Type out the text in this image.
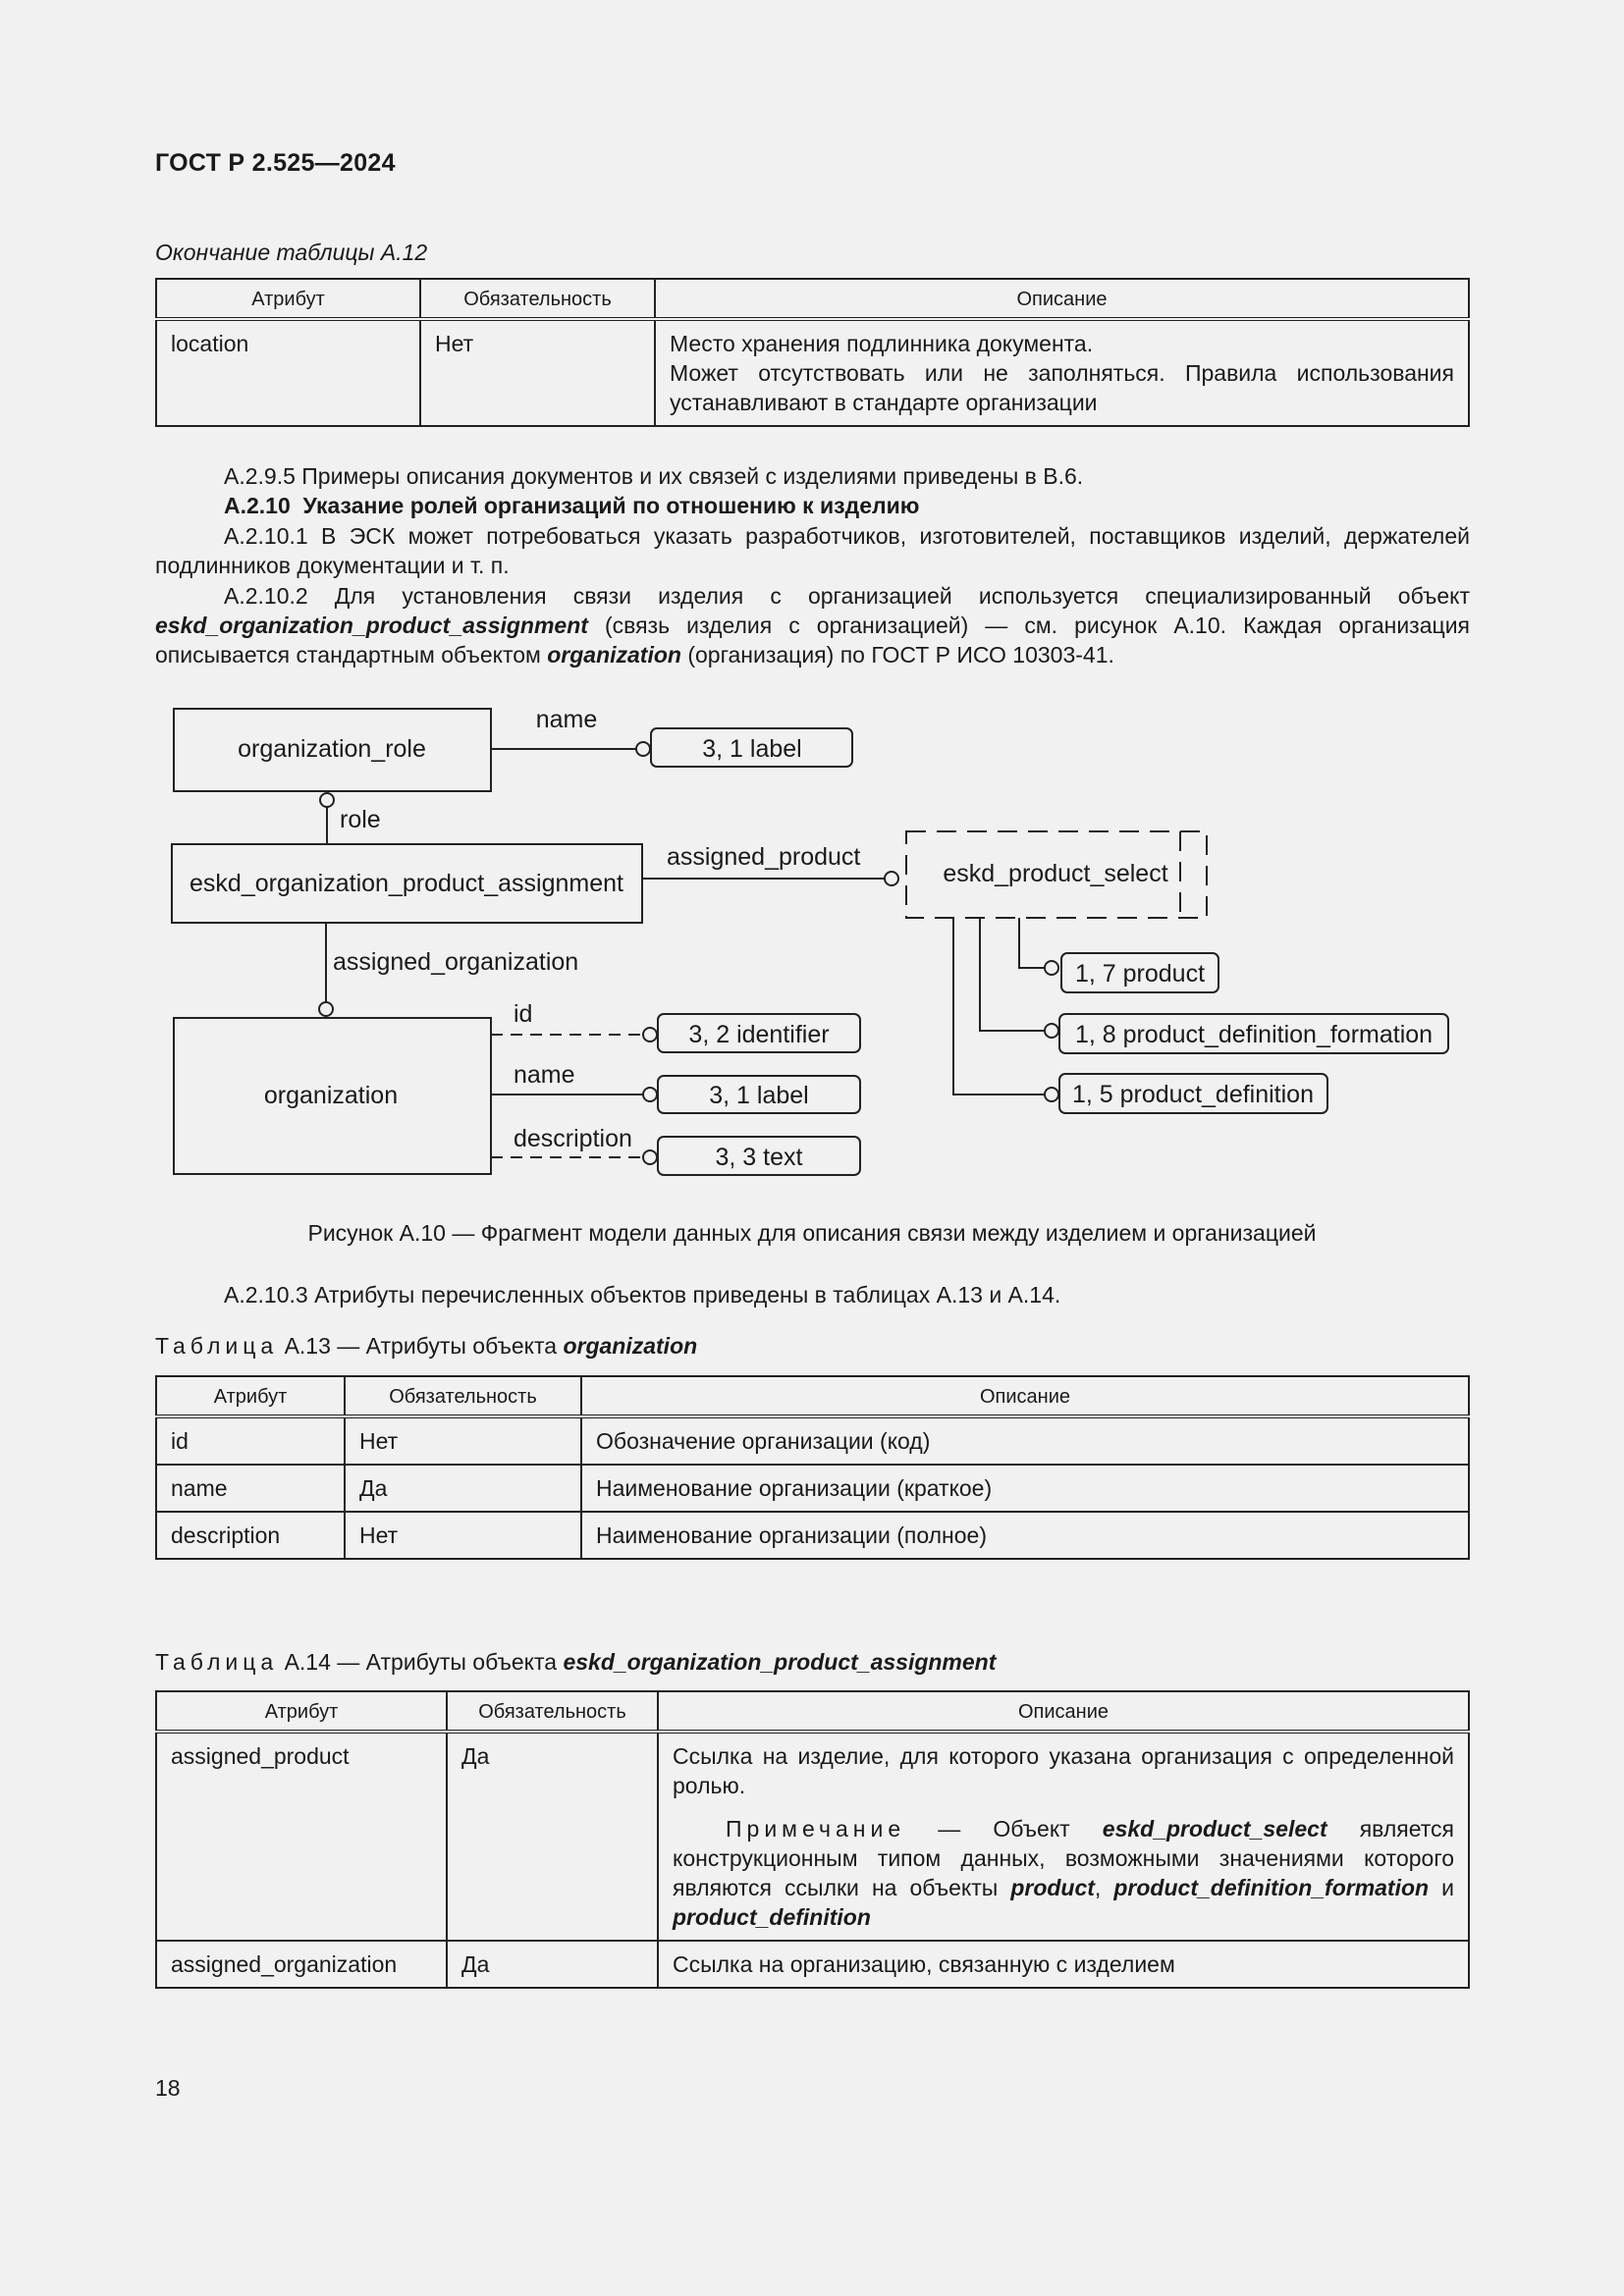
ГОСТ Р 2.525—2024
Окончание таблицы А.12
Атрибут	Обязательность	Описание
location	Нет	Место хранения подлинника документа.
Может отсутствовать или не заполняться. Правила использования устанавливают в стандарте организации
А.2.9.5 Примеры описания документов и их связей с изделиями приведены в В.6.
А.2.10 Указание ролей организаций по отношению к изделию
А.2.10.1 В ЭСК может потребоваться указать разработчиков, изготовителей, поставщиков изделий, держателей подлинников документации и т. п.
А.2.10.2 Для установления связи изделия с организацией используется специализированный объект eskd_organization_product_assignment (связь изделия с организацией) — см. рисунок А.10. Каждая организация описывается стандартным объектом organization (организация) по ГОСТ Р ИСО 10303-41.
organization_role
eskd_organization_product_assignment
organization
eskd_product_select
name
role
assigned_product
assigned_organization
id
name
description
3, 1 label
3, 2 identifier
3, 1 label
3, 3 text
1, 7 product
1, 8 product_definition_formation
1, 5 product_definition
Рисунок А.10 — Фрагмент модели данных для описания связи между изделием и организацией
А.2.10.3 Атрибуты перечисленных объектов приведены в таблицах А.13 и А.14.
Таблица А.13 — Атрибуты объекта organization
Атрибут	Обязательность	Описание
id	Нет	Обозначение организации (код)
name	Да	Наименование организации (краткое)
description	Нет	Наименование организации (полное)
Таблица А.14 — Атрибуты объекта eskd_organization_product_assignment
Атрибут	Обязательность	Описание
assigned_product	Да	Ссылка на изделие, для которого указана организация с определенной ролью.
Примечание — Объект eskd_product_select является конструкционным типом данных, возможными значениями которого являются ссылки на объекты product, product_definition_formation и product_definition

assigned_organization	Да	Ссылка на организацию, связанную с изделием
18
